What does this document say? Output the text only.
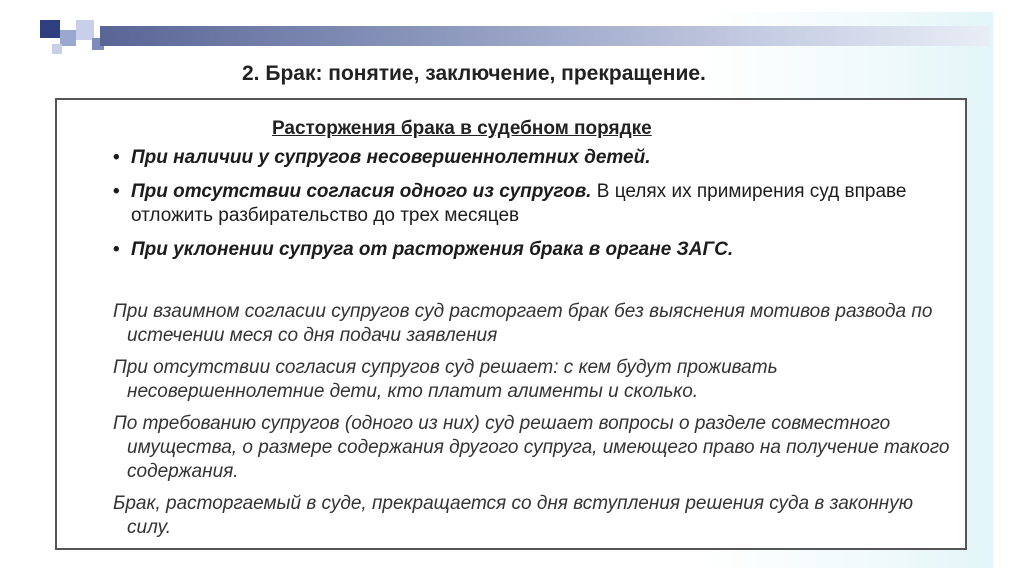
2. Брак: понятие, заключение, прекращение.
Расторжения брака в судебном порядке
• При наличии у супругов несовершеннолетних детей.
• При отсутствии согласия одного из супругов. В целях их примирения суд вправе отложить разбирательство до трех месяцев
• При уклонении супруга от расторжения брака в органе ЗАГС.

При взаимном согласии супругов суд расторгает брак без выяснения мотивов развода по истечении меся со дня подачи заявления

При отсутствии согласия супругов суд решает: с кем будут проживать несовершеннолетние дети, кто платит алименты и сколько.

По требованию супругов (одного из них) суд решает вопросы о разделе совместного имущества, о размере содержания другого супруга, имеющего право на получение такого содержания.

Брак, расторгаемый в суде, прекращается со дня вступления решения суда в законную силу.
